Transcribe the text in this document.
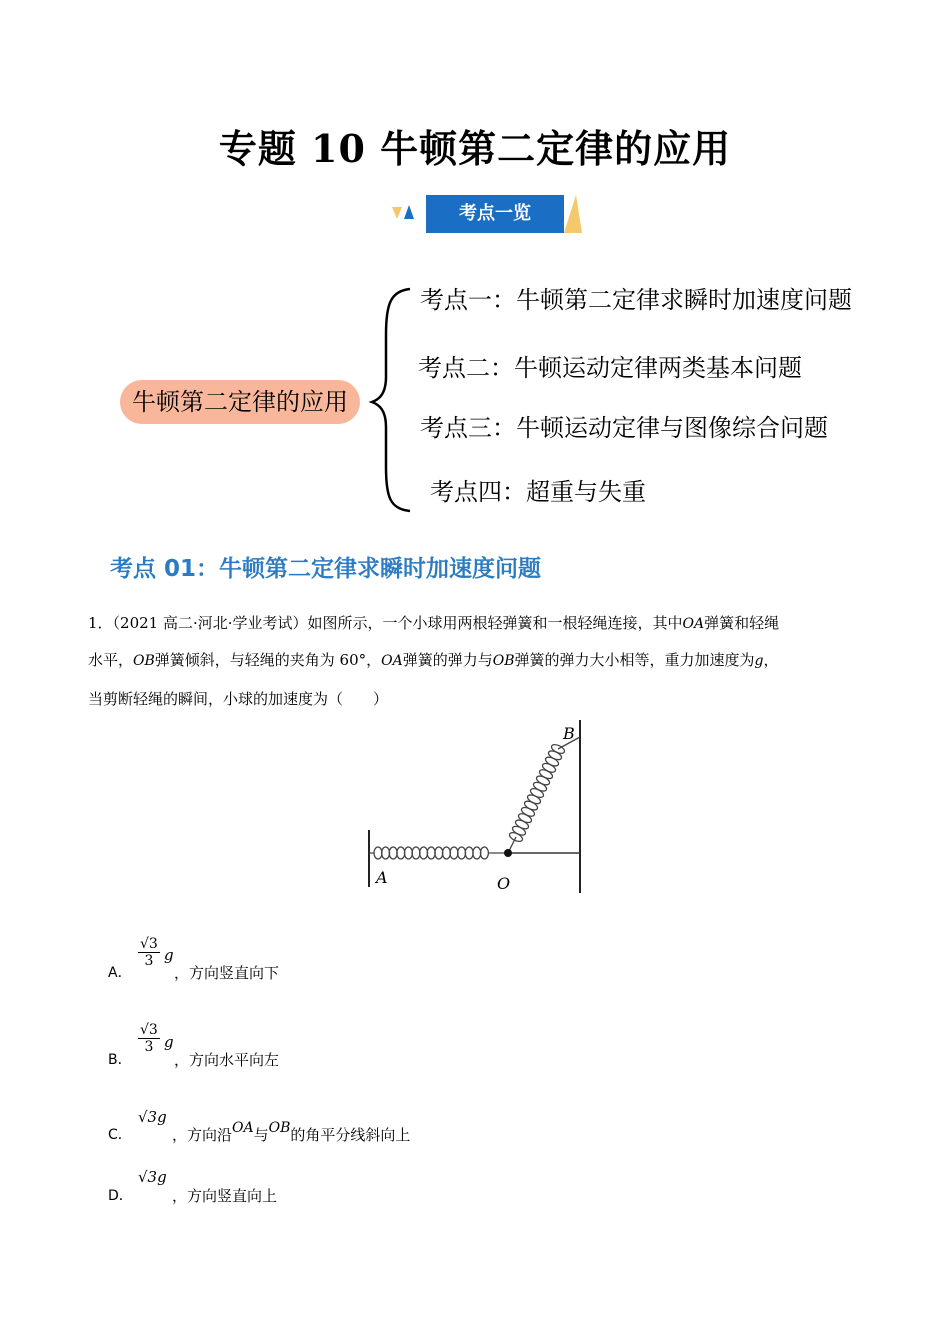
专题 10 牛顿第二定律的应用
考点一览
牛顿第二定律的应用
考点一：牛顿第二定律求瞬时加速度问题
考点二：牛顿运动定律两类基本问题
考点三：牛顿运动定律与图像综合问题
考点四：超重与失重
考点 01：牛顿第二定律求瞬时加速度问题
1．（2021 高二·河北·学业考试）如图所示，一个小球用两根轻弹簧和一根轻绳连接，其中OA弹簧和轻绳
水平，OB弹簧倾斜，与轻绳的夹角为 60°，OA弹簧的弹力与OB弹簧的弹力大小相等，重力加速度为g，
当剪断轻绳的瞬间，小球的加速度为（　　）
A	O
B
A．
$\frac{√3}{3}$ g
，方向竖直向下
B．
$\frac{√3}{3}$ g
，方向水平向左
C．
√3g
，方向沿OA与OB的角平分线斜向上
D．
√3g
，方向竖直向上
